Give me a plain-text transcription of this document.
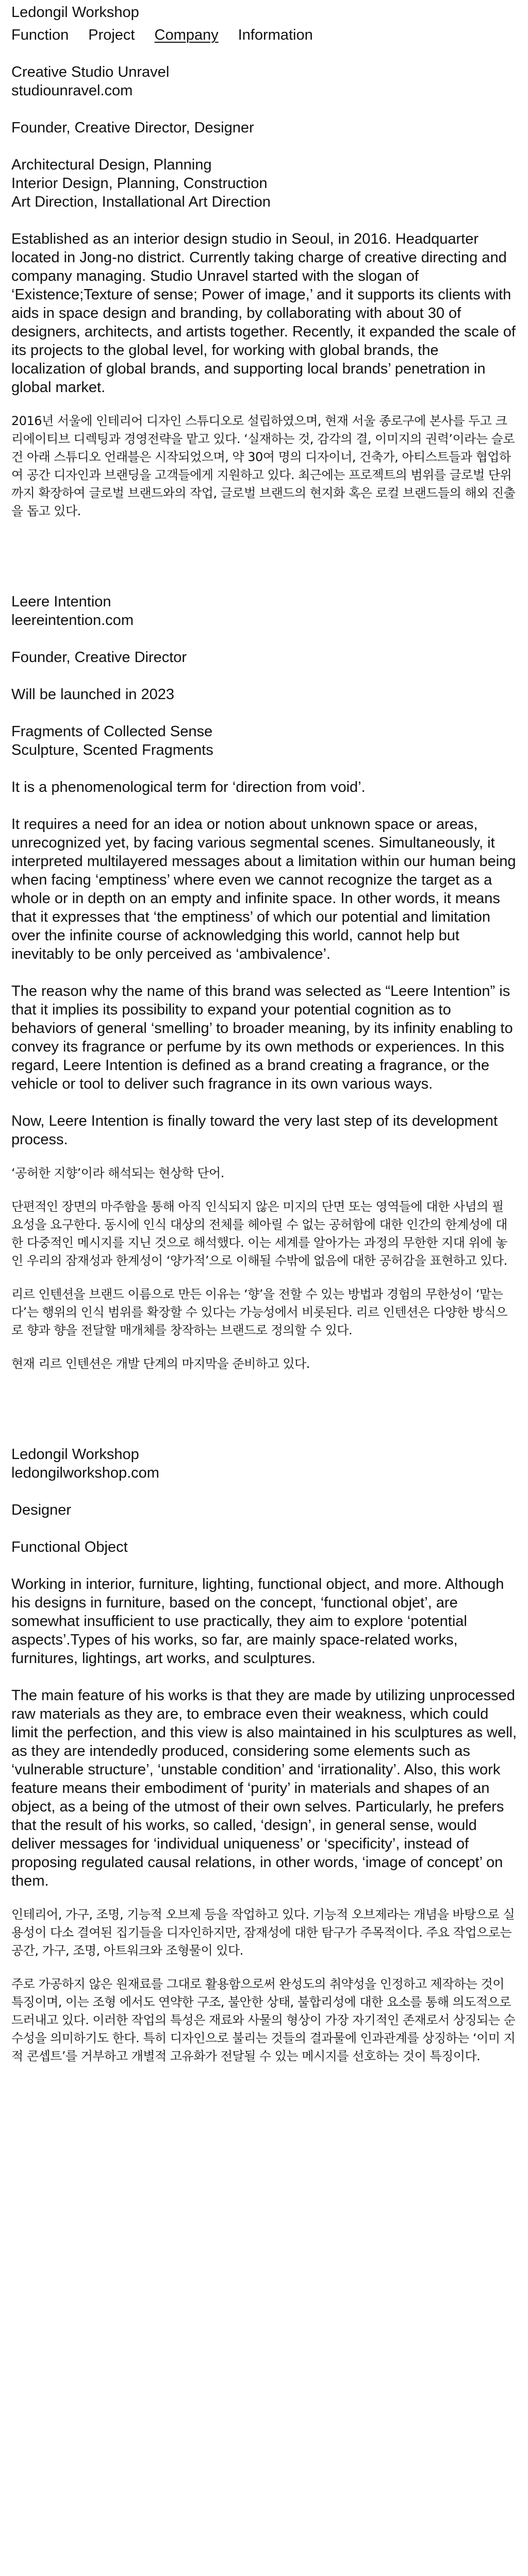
Ledongil Workshop
Function Project Company Information

Creative Studio Unravel

studiounravel.com

Founder, Creative Director, Designer

Architectural Design, Planning

Interior Design, Planning, Construction

Art Direction, Installational Art Direction

Established as an interior design studio in Seoul, in 2016. Headquarter located in Jong-no district. Currently taking charge of creative directing and company managing. Studio Unravel started with the slogan of ‘Existence;Texture of sense; Power of image,’ and it supports its clients with aids in space design and branding, by collaborating with about 30 of designers, architects, and artists together. Recently, it expanded the scale of its projects to the global level, for working with global brands, the localization of global brands, and supporting local brands’ penetration in global market.

2016년 서울에 인테리어 디자인 스튜디오로 설립하였으며, 현재 서울 종로구에 본사를 두고 크리에이티브 디렉팅과 경영전략을 맡고 있다. ‘실재하는 것, 감각의 결, 이미지의 권력’이라는 슬로건 아래 스튜디오 언래블은 시작되었으며, 약 30여 명의 디자이너, 건축가, 아티스트들과 협업하여 공간 디자인과 브랜딩을 고객들에게 지원하고 있다. 최근에는 프로젝트의 범위를 글로벌 단위까지 확장하여 글로벌 브랜드와의 작업, 글로벌 브랜드의 현지화 혹은 로컬 브랜드들의 해외 진출을 돕고 있다.

Leere Intention

leereintention.com

Founder, Creative Director

Will be launched in 2023

Fragments of Collected Sense

Sculpture, Scented Fragments

It is a phenomenological term for ‘direction from void’.

It requires a need for an idea or notion about unknown space or areas, unrecognized yet, by facing various segmental scenes. Simultaneously, it interpreted multilayered messages about a limitation within our human being when facing ‘emptiness’ where even we cannot recognize the target as a whole or in depth on an empty and infinite space. In other words, it means that it expresses that ‘the emptiness’ of which our potential and limitation over the infinite course of acknowledging this world, cannot help but inevitably to be only perceived as ‘ambivalence’.

The reason why the name of this brand was selected as “Leere Intention” is that it implies its possibility to expand your potential cognition as to behaviors of general ‘smelling’ to broader meaning, by its infinity enabling to convey its fragrance or perfume by its own methods or experiences. In this regard, Leere Intention is defined as a brand creating a fragrance, or the vehicle or tool to deliver such fragrance in its own various ways.

Now, Leere Intention is finally toward the very last step of its development process.

‘공허한 지향’이라 해석되는 현상학 단어.

단편적인 장면의 마주함을 통해 아직 인식되지 않은 미지의 단면 또는 영역들에 대한 사념의 필 요성을 요구한다. 동시에 인식 대상의 전체를 헤아릴 수 없는 공허함에 대한 인간의 한계성에 대 한 다중적인 메시지를 지닌 것으로 해석했다. 이는 세계를 알아가는 과정의 무한한 지대 위에 놓인 우리의 잠재성과 한계성이 ‘양가적’으로 이해될 수밖에 없음에 대한 공허감을 표현하고 있다.

리르 인텐션을 브랜드 이름으로 만든 이유는 ‘향’을 전할 수 있는 방법과 경험의 무한성이 ‘맡는다’는 행위의 인식 범위를 확장할 수 있다는 가능성에서 비롯된다. 리르 인텐션은 다양한 방식으로 향과 향을 전달할 매개체를 창작하는 브랜드로 정의할 수 있다.

현재 리르 인텐션은 개발 단계의 마지막을 준비하고 있다.

Ledongil Workshop

ledongilworkshop.com

Designer

Functional Object

Working in interior, furniture, lighting, functional object, and more. Although his designs in furniture, based on the concept, ‘functional objet’, are somewhat insufficient to use practically, they aim to explore ‘potential aspects’.Types of his works, so far, are mainly space-related works, furnitures, lightings, art works, and sculptures.

The main feature of his works is that they are made by utilizing unprocessed raw materials as they are, to embrace even their weakness, which could limit the perfection, and this view is also maintained in his sculptures as well, as they are intendedly produced, considering some elements such as ‘vulnerable structure’, ‘unstable condition’ and ‘irrationality’. Also, this work feature means their embodiment of ‘purity’ in materials and shapes of an object, as a being of the utmost of their own selves. Particularly, he prefers that the result of his works, so called, ‘design’, in general sense, would deliver messages for ‘individual uniqueness’ or ‘specificity’, instead of proposing regulated causal relations, in other words, ‘image of concept’ on them.

인테리어, 가구, 조명, 기능적 오브제 등을 작업하고 있다. 기능적 오브제라는 개념을 바탕으로 실용성이 다소 결여된 집기들을 디자인하지만, 잠재성에 대한 탐구가 주목적이다. 주요 작업으로는 공간, 가구, 조명, 아트워크와 조형물이 있다.

주로 가공하지 않은 원재료를 그대로 활용함으로써 완성도의 취약성을 인정하고 제작하는 것이 특징이며, 이는 조형 에서도 연약한 구조, 불안한 상태, 불합리성에 대한 요소를 통해 의도적으로 드러내고 있다. 이러한 작업의 특성은 재료와 사물의 형상이 가장 자기적인 존재로서 상징되는 순수성을 의미하기도 한다. 특히 디자인으로 불리는 것들의 결과물에 인과관계를 상징하는 ‘이미 지적 콘셉트’를 거부하고 개별적 고유화가 전달될 수 있는 메시지를 선호하는 것이 특징이다.
